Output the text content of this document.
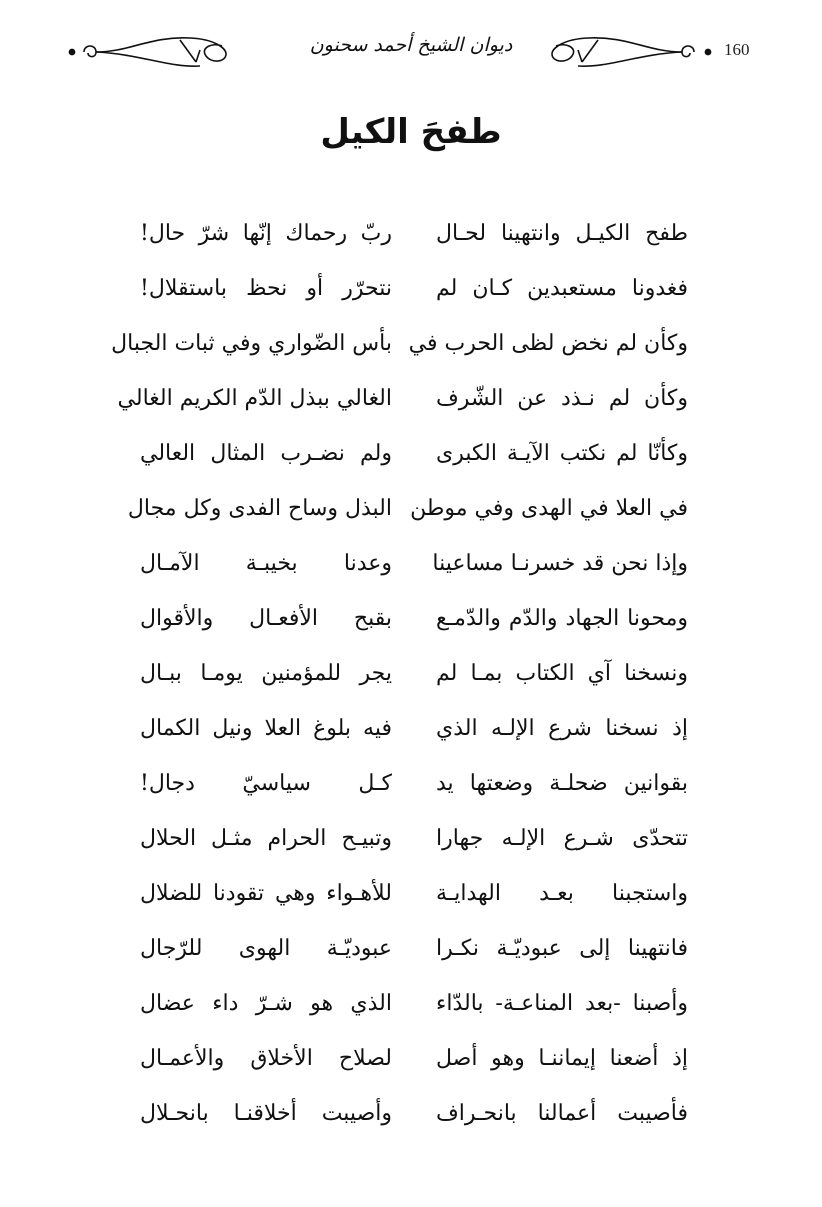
ديوان الشيخ أحمد سحنون	160
طفحَ الكيل
طفح الكيـل وانتهينا لحـال
ربّ رحماك إنّها شرّ حال!
فغدونا مستعبدين كـان لم
نتحرّر أو نحظ باستقلال!
وكأن لم نخض لظى الحرب في
بأس الضّواري وفي ثبات الجبال
وكأن لم نـذد عن الشّرف
الغالي ببذل الدّم الكريم الغالي
وكأنّا لم نكتب الآيـة الكبرى
ولم نضـرب المثال العالي
في العلا في الهدى وفي موطن
البذل وساح الفدى وكل مجال
وإذا نحن قد خسرنـا مساعينا
وعدنا بخيبـة الآمـال
ومحونا الجهاد والدّم والدّمـع
بقبح الأفعـال والأقوال
ونسخنا آي الكتاب بمـا لم
يجر للمؤمنين يومـا ببـال
إذ نسخنا شرع الإلـه الذي
فيه بلوغ العلا ونيل الكمال
بقوانين ضحلـة وضعتها يد
كـل سياسيّ دجال!
تتحدّى شـرع الإلـه جهارا
وتبيـح الحرام مثـل الحلال
واستجبنا بعـد الهدايـة
للأهـواء وهي تقودنا للضلال
فانتهينا إلى عبوديّـة نكـرا
عبوديّـة الهوى للرّجال
وأصبنا -بعد المناعـة- بالدّاء
الذي هو شـرّ داء عضال
إذ أضعنا إيماننـا وهو أصل
لصلاح الأخلاق والأعمـال
فأصيبت أعمالنا بانحـراف
وأصيبت أخلاقنـا بانحـلال
